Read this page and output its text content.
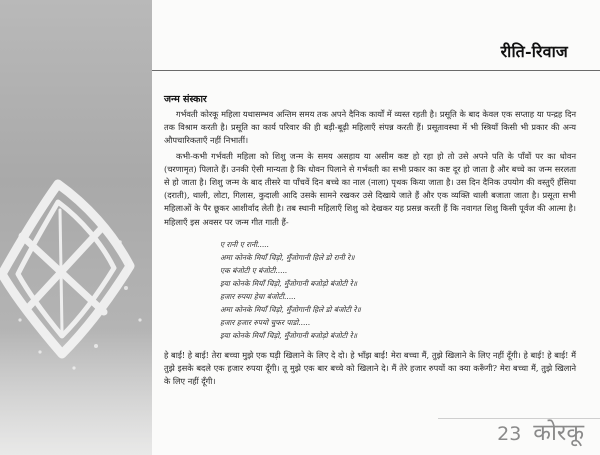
रीति-रिवाज
जन्म संस्कार

गर्भवती कोरकू महिला यथासम्भव अन्तिम समय तक अपने दैनिक कार्यों में व्यस्त रहती है। प्रसूति के बाद केवल एक सप्ताह या पन्द्रह दिन तक विश्राम करती है। प्रसूति का कार्य परिवार की ही बड़ी-बूढ़ी महिलाएँ संपन्न करती हैं। प्रसूतावस्था में भी स्त्रियाँ किसी भी प्रकार की अन्य औपचारिकताएँ नहीं निभातीं।

कभी-कभी गर्भवती महिला को शिशु जन्म के समय असहाय या असीम कष्ट हो रहा हो तो उसे अपने पति के पाँवों पर का धोवन (चरणामृत) पिलाते हैं। उनकी ऐसी मान्यता है कि धोवन पिलाने से गर्भवती का सभी प्रकार का कष्ट दूर हो जाता है और बच्चे का जन्म सरलता से हो जाता है। शिशु जन्म के बाद तीसरे या पाँचवें दिन बच्चे का नाल (नाला) पृथक किया जाता है। उस दिन दैनिक उपयोग की वस्तुएँ हँसिया (दराती), थाली, लोटा, गिलास, कुदाली आदि उसके सामने रखकर उसे दिखाये जाते हैं और एक व्यक्ति थाली बजाता जाता है। प्रसूता सभी महिलाओं के पैर छूकर आशीर्वाद लेती है। तब स्थानी महिलाएँ शिशु को देखकर यह प्रसन्न करती हैं कि नवागत शिशु किसी पूर्वज की आत्मा है। महिलाएँ इस अवसर पर जन्म गीत गाती हैं-

ए रानी ए रानी.....
अमा कोनके मियाँ चिड़ो, मुँजोगानी हिले डो रानी रे॥
एक बंजोटी ए बंजोटी.....
इया कोनके मियाँ चिड़ो, मुँजोगानी बजोड़ो बंजोटी रे॥
हजार रुपया हेचा बंजोटी.....
अमा कोनके मियाँ चिड़ो, मुँजोगानी हिले डो बंजोटी रे॥
हजार हजार रुपयो चुफर पाडो.....
इया कोनके मियाँ चिड़ो, मुँजोगानी बजोड़ो बंजोटी रे॥

हे बाई! हे बाई! तेरा बच्चा मुझे एक घड़ी खिलाने के लिए दे दो। हे भाँझ बाई! मेरा बच्चा मैं, तुझे खिलाने के लिए नहीं दूँगी। हे बाई! हे बाई! मैं तुझे इसके बदले एक हजार रुपया दूँगी। तू मुझे एक बार बच्चे को खिलाने दे। मैं तेरे हजार रुपयों का क्या करूँगी? मेरा बच्चा मैं, तुझे खिलाने के लिए नहीं दूँगी।

23 कोरकू
